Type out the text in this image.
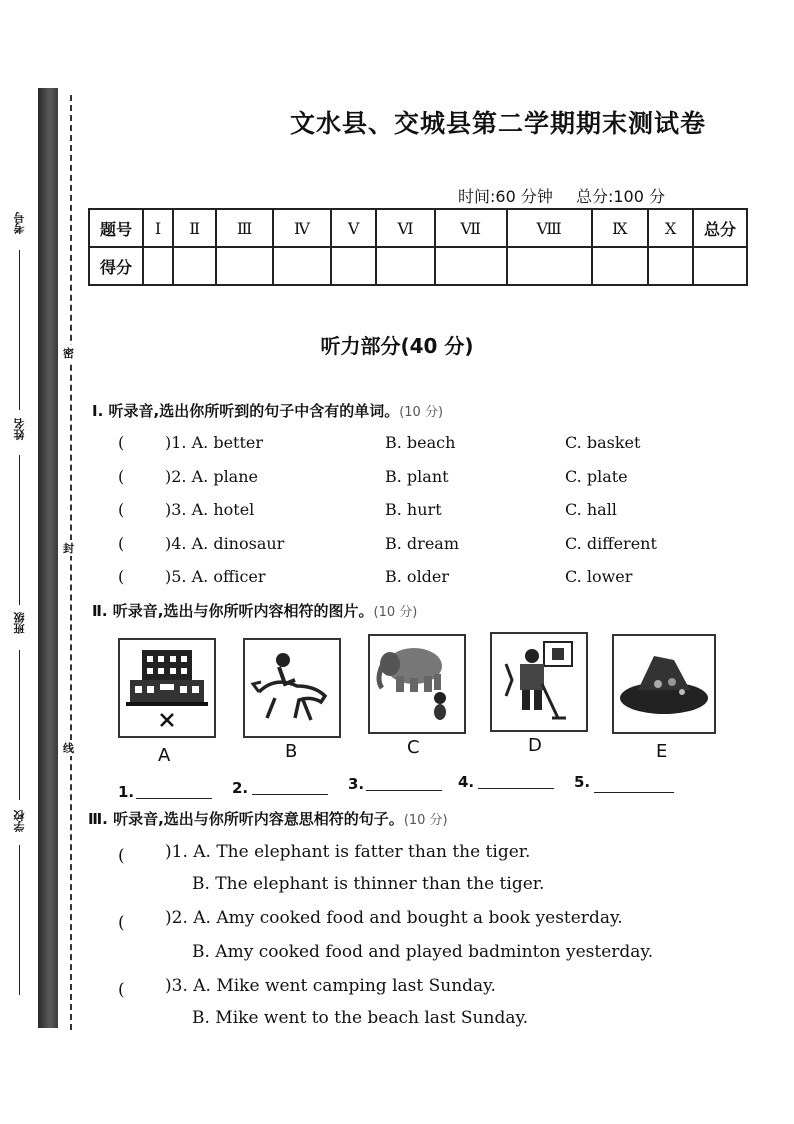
考号
姓名
班级
学校
密
封
线
文水县、交城县第二学期期末测试卷
时间:60 分钟 总分:100 分
题号	Ⅰ	Ⅱ	Ⅲ	Ⅳ	Ⅴ	Ⅵ	Ⅶ	Ⅷ	Ⅸ	Ⅹ	总分
得分											
听力部分(40 分)
Ⅰ. 听录音,选出你所听到的句子中含有的单词。(10 分)
(	)1. A. better	B. beach	C. basket
(	)2. A. plane	B. plant	C. plate
(	)3. A. hotel	B. hurt	C. hall
(	)4. A. dinosaur	B. dream	C. different
(	)5. A. officer	B. older	C. lower
Ⅱ. 听录音,选出与你所听内容相符的图片。(10 分)
A	B	C	D	E
1.	2.	3.	4.	5.
Ⅲ. 听录音,选出与你所听内容意思相符的句子。(10 分)
( )1. A. The elephant is fatter than the tiger.
B. The elephant is thinner than the tiger.
( )2. A. Amy cooked food and bought a book yesterday.
B. Amy cooked food and played badminton yesterday.
( )3. A. Mike went camping last Sunday.
B. Mike went to the beach last Sunday.
